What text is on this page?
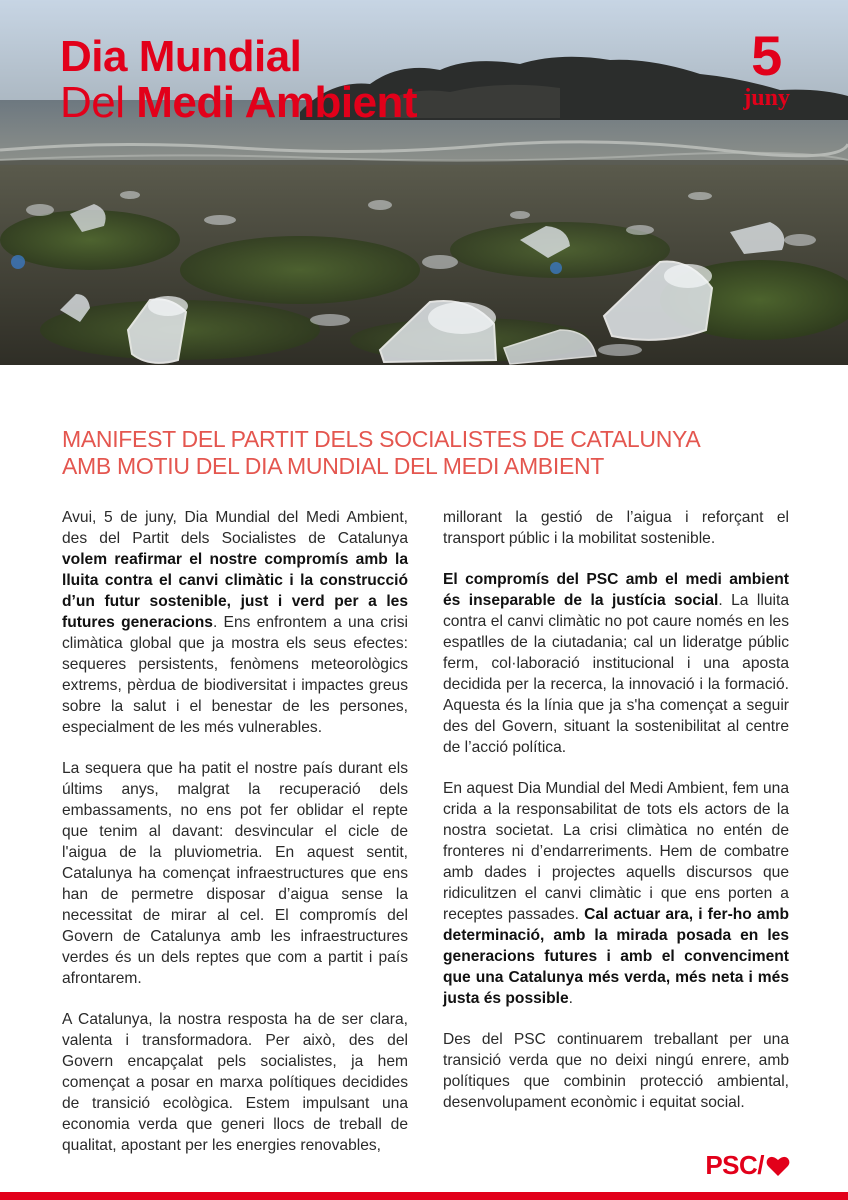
Dia Mundial
Del Medi Ambient
5
juny
MANIFEST DEL PARTIT DELS SOCIALISTES DE CATALUNYA
AMB MOTIU DEL DIA MUNDIAL DEL MEDI AMBIENT

Avui, 5 de juny, Dia Mundial del Medi Ambient, des del Partit dels Socialistes de Catalunya volem reafirmar el nostre compromís amb la lluita contra el canvi climàtic i la construcció d’un futur sostenible, just i verd per a les futures generacions. Ens enfrontem a una crisi climàtica global que ja mostra els seus efectes: sequeres persistents, fenòmens meteorològics extrems, pèrdua de biodiversitat i impactes greus sobre la salut i el benestar de les persones, especialment de les més vulnerables.

La sequera que ha patit el nostre país durant els últims anys, malgrat la recuperació dels embassaments, no ens pot fer oblidar el repte que tenim al davant: desvincular el cicle de l'aigua de la pluviometria. En aquest sentit, Catalunya ha començat infraestructures que ens han de permetre disposar d’aigua sense la necessitat de mirar al cel. El compromís del Govern de Catalunya amb les infraestructures verdes és un dels reptes que com a partit i país afrontarem.

A Catalunya, la nostra resposta ha de ser clara, valenta i transformadora. Per això, des del Govern encapçalat pels socialistes, ja hem començat a posar en marxa polítiques decidides de transició ecològica. Estem impulsant una economia verda que generi llocs de treball de qualitat, apostant per les energies renovables,

millorant la gestió de l’aigua i reforçant el transport públic i la mobilitat sostenible.

El compromís del PSC amb el medi ambient és inseparable de la justícia social. La lluita contra el canvi climàtic no pot caure només en les espatlles de la ciutadania; cal un lideratge públic ferm, col·laboració institucional i una aposta decidida per la recerca, la innovació i la formació. Aquesta és la línia que ja s'ha començat a seguir des del Govern, situant la sostenibilitat al centre de l’acció política.

En aquest Dia Mundial del Medi Ambient, fem una crida a la responsabilitat de tots els actors de la nostra societat. La crisi climàtica no entén de fronteres ni d’endarreriments. Hem de combatre amb dades i projectes aquells discursos que ridiculitzen el canvi climàtic i que ens porten a receptes passades. Cal actuar ara, i fer-ho amb determinació, amb la mirada posada en les generacions futures i amb el convenciment que una Catalunya més verda, més neta i més justa és possible.

Des del PSC continuarem treballant per una transició verda que no deixi ningú enrere, amb polítiques que combinin protecció ambiental, desenvolupament econòmic i equitat social.

PSC/
